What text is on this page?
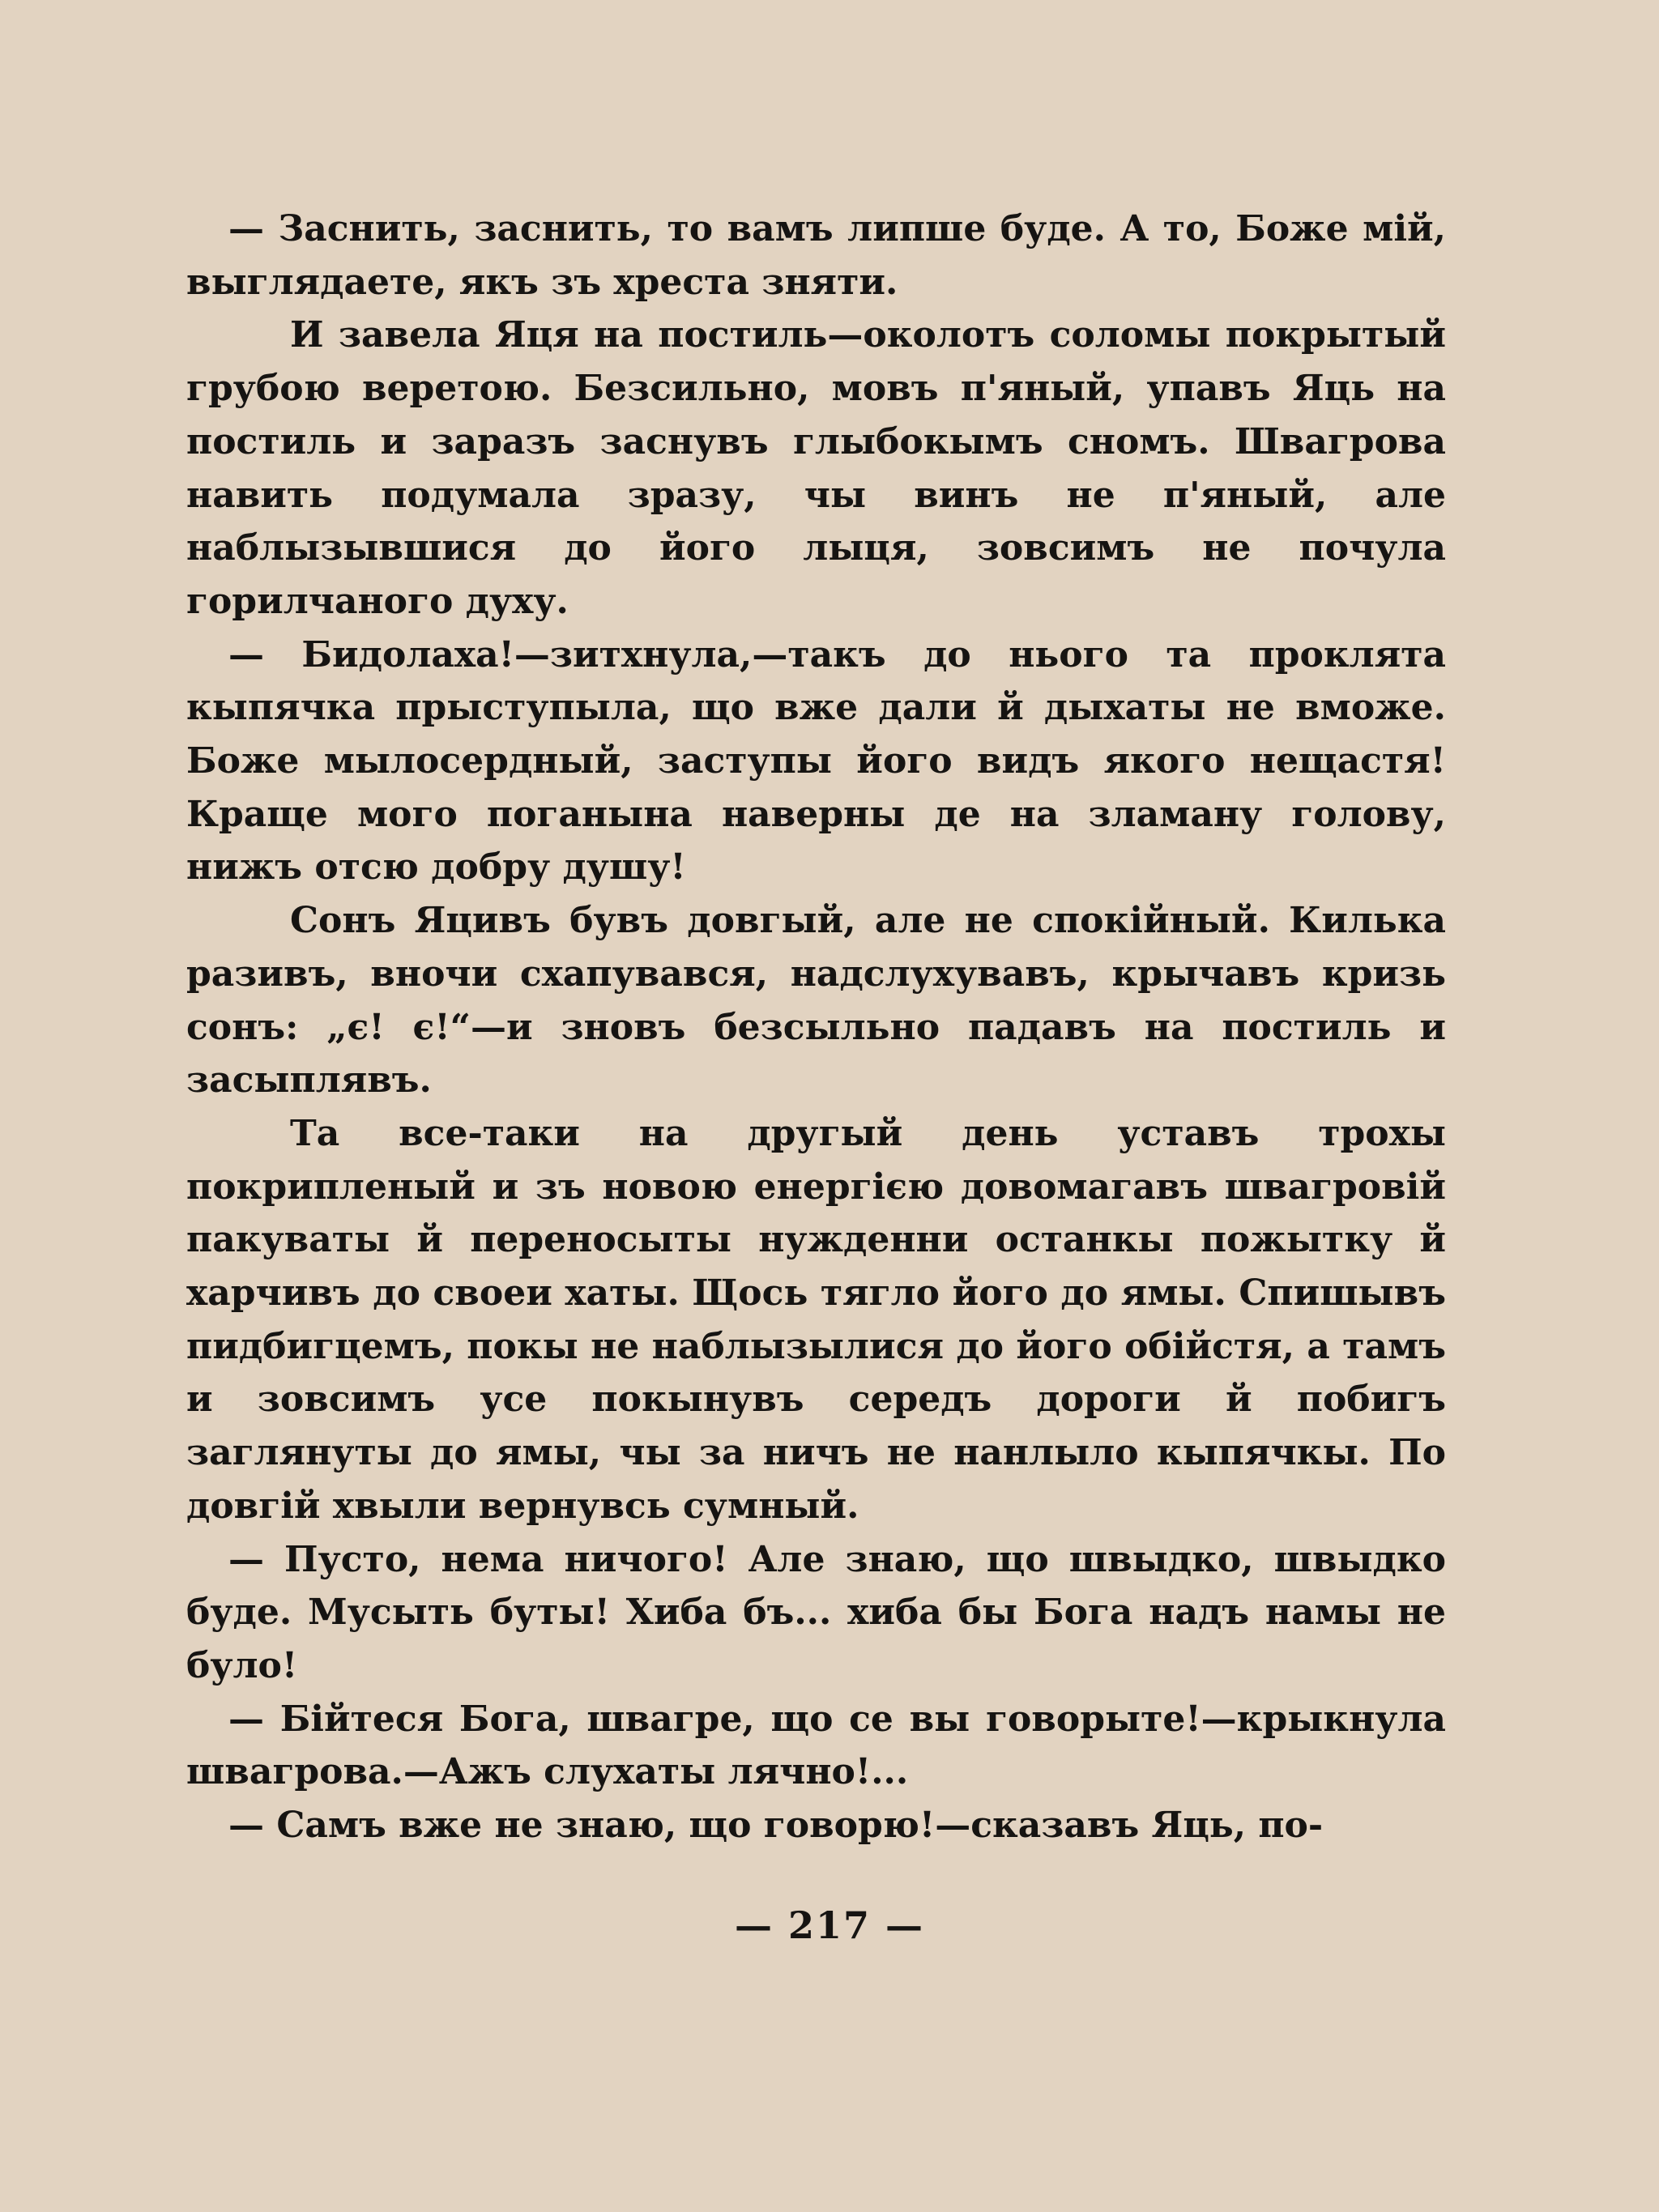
— Заснить, заснить, то вамъ липше буде. А то, Боже мій, выглядаете, якъ зъ хреста зняти.

И завела Яця на постиль—околотъ соломы покрытый грубою веретою. Безсильно, мовъ п'яный, упавъ Яць на постиль и заразъ заснувъ глыбокымъ сномъ. Швагрова навить подумала зразу, чы винъ не п'яный, але наблызывшися до його лыця, зовсимъ не почула горилчаного духу.

— Бидолаха!—зитхнула,—такъ до нього та проклята кыпячка прыступыла, що вже дали й дыхаты не вможе. Боже мылосердный, заступы його видъ якого нещастя! Краще мого поганына наверны де на зламану голову, нижъ отсю добру душу!

Сонъ Яцивъ бувъ довгый, але не спокійный. Килька разивъ, вночи схапувався, надслухувавъ, крычавъ кризь сонъ: „є! є!“—и зновъ безсыльно падавъ на постиль и засыплявъ.

Та все-таки на другый день уставъ трохы покрипленый и зъ новою енергією довомагавъ швагровій пакуваты й переносыты нужденни останкы пожытку й харчивъ до своеи хаты. Щось тягло його до ямы. Спишывъ пидбигцемъ, покы не наблызылися до його обійстя, а тамъ и зовсимъ усе покынувъ середъ дороги й побигъ заглянуты до ямы, чы за ничъ не нанлыло кыпячкы. По довгій хвыли вернувсь сумный.

— Пусто, нема ничого! Але знаю, що швыдко, швыдко буде. Мусыть буты! Хиба бъ... хиба бы Бога надъ намы не було!

— Бійтеся Бога, швагре, що се вы говорыте!—крыкнула швагрова.—Ажъ слухаты лячно!...

— Самъ вже не знаю, що говорю!—сказавъ Яць, по-

— 217 —
